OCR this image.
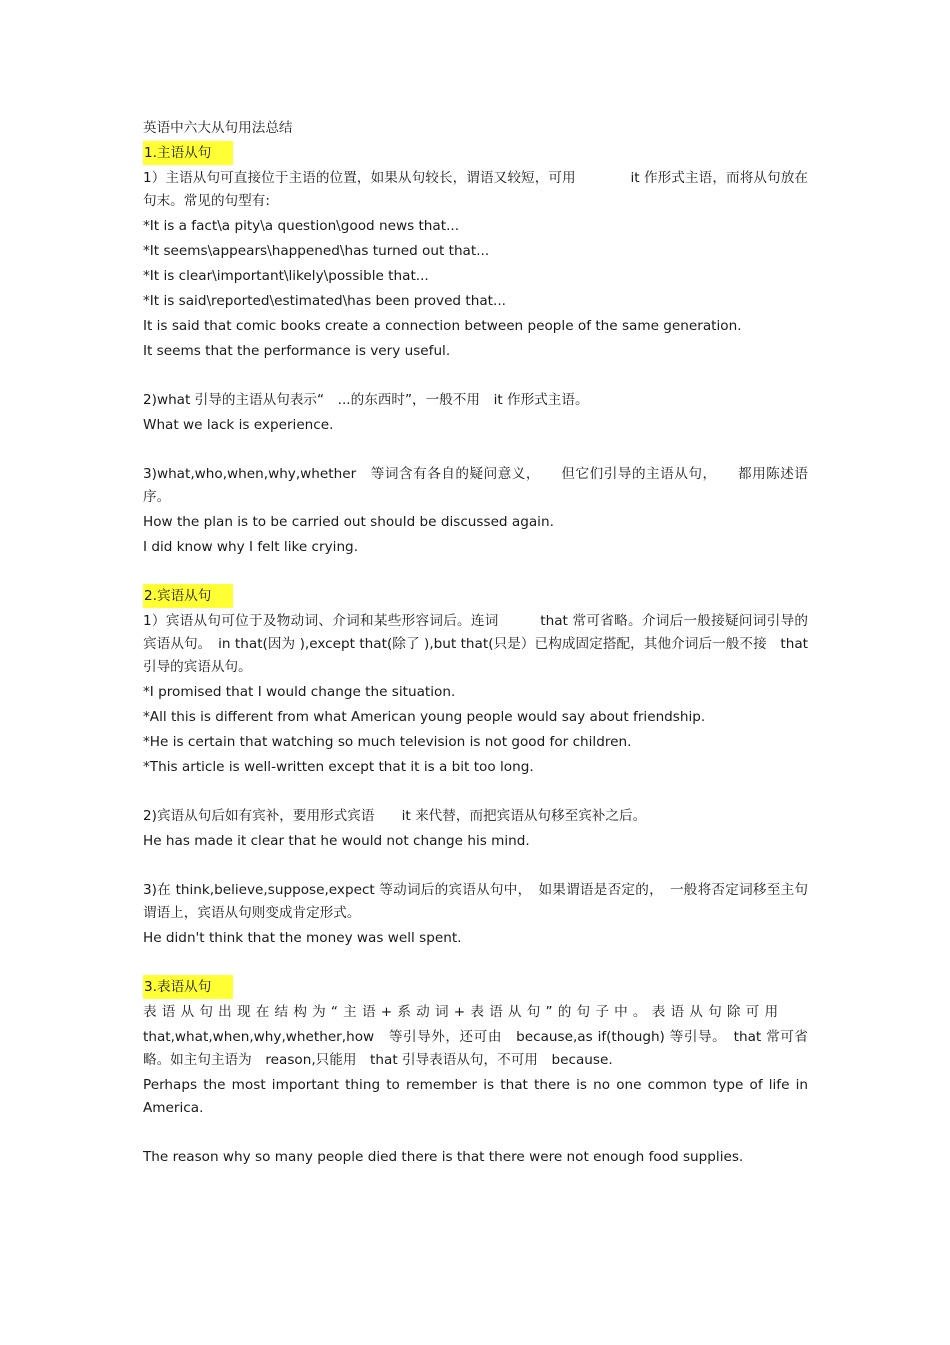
英语中六大从句用法总结
1.主语从句
1）主语从句可直接位于主语的位置，如果从句较长，谓语又较短，可用　　　　it 作形式主语，而将从句放在句末。常见的句型有:
*It is a fact\a pity\a question\good news that...
*It seems\appears\happened\has turned out that...
*It is clear\important\likely\possible that...
*It is said\reported\estimated\has been proved that...
It is said that comic books create a connection between people of the same generation.
It seems that the performance is very useful.
2)what 引导的主语从句表示“　...的东西时”，一般不用　it 作形式主语。
What we lack is experience.
3)what,who,when,why,whether　等词含有各自的疑问意义，　　但它们引导的主语从句，　　都用陈述语序。
How the plan is to be carried out should be discussed again.
I did know why I felt like crying.
2.宾语从句
1）宾语从句可位于及物动词、介词和某些形容词后。连词　　　that 常可省略。介词后一般接疑问词引导的宾语从句。　in that(因为 ),except that(除了 ),but that(只是）已构成固定搭配，其他介词后一般不接　that 引导的宾语从句。
*I promised that I would change the situation.
*All this is different from what American young people would say about friendship.
*He is certain that watching so much television is not good for children.
*This article is well-written except that it is a bit too long.
2)宾语从句后如有宾补，要用形式宾语　　it 来代替，而把宾语从句移至宾补之后。
He has made it clear that he would not change his mind.
3)在 think,believe,suppose,expect 等动词后的宾语从句中，　如果谓语是否定的，　一般将否定词移至主句谓语上，宾语从句则变成肯定形式。
He didn't think that the money was well spent.
3.表语从句
表语从句出现在结构为“主语+系动词+表语从句”的句子中。表语从句除可用
that,what,when,why,whether,how　等引导外，还可由　because,as if(though) 等引导。　that 常可省略。如主句主语为　reason,只能用　that 引导表语从句，不可用　because.
Perhaps the most important thing to remember is that there is no one common type of life in America.
The reason why so many people died there is that there were not enough food supplies.
